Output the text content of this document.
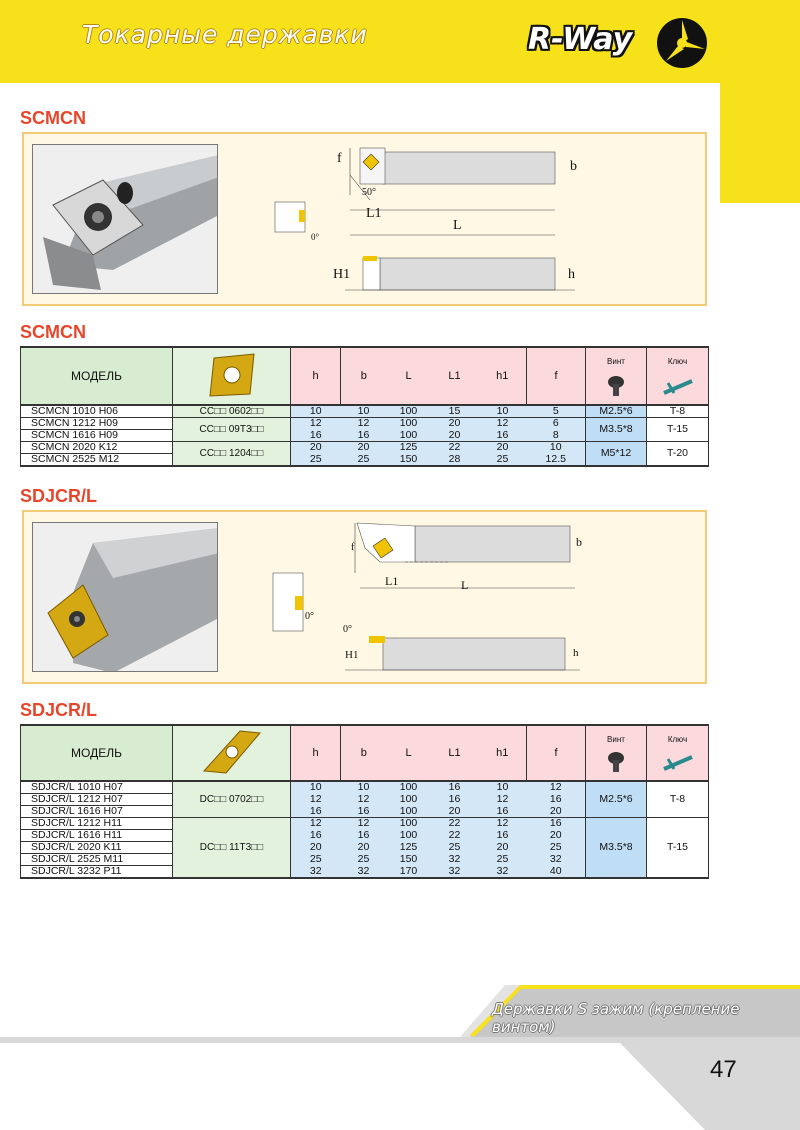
Токарные державки	R-Way
SCMCN
f
50°
b
L1
L
0°
H1	h
SCMCN
МОДЕЛЬ		h	b	L	L1	h1	f	Винт	Ключ

SCMCN 1010 H06	CC□□ 0602□□	10	10	100	15	10	5	M2.5*6	T-8
SCMCN 1212 H09	CC□□ 09T3□□	12	12	100	20	12	6	M3.5*8	T-15
SCMCN 1616 H09		16	16	100	20	16	8		
SCMCN 2020 K12	CC□□ 1204□□	20	20	125	22	20	10	M5*12	T-20
SCMCN 2525 M12		25	25	150	28	25	12.5		
SDJCR/L
f	b
L1	L
0°
0°
H1	h
SDJCR/L
МОДЕЛЬ		h	b	L	L1	h1	f	Винт	Ключ

SDJCR/L 1010 H07	DC□□ 0702□□	10	10	100	16	10	12	M2.5*6	T-8
SDJCR/L 1212 H07		12	12	100	16	12	16		
SDJCR/L 1616 H07		16	16	100	20	16	20		
SDJCR/L 1212 H11	DC□□ 11T3□□	12	12	100	22	12	16	M3.5*8	T-15
SDJCR/L 1616 H11		16	16	100	22	16	20		
SDJCR/L 2020 K11		20	20	125	25	20	25		
SDJCR/L 2525 M11		25	25	150	32	25	32		
SDJCR/L 3232 P11		32	32	170	32	32	40		
Державки S зажим (крепление винтом)
47
